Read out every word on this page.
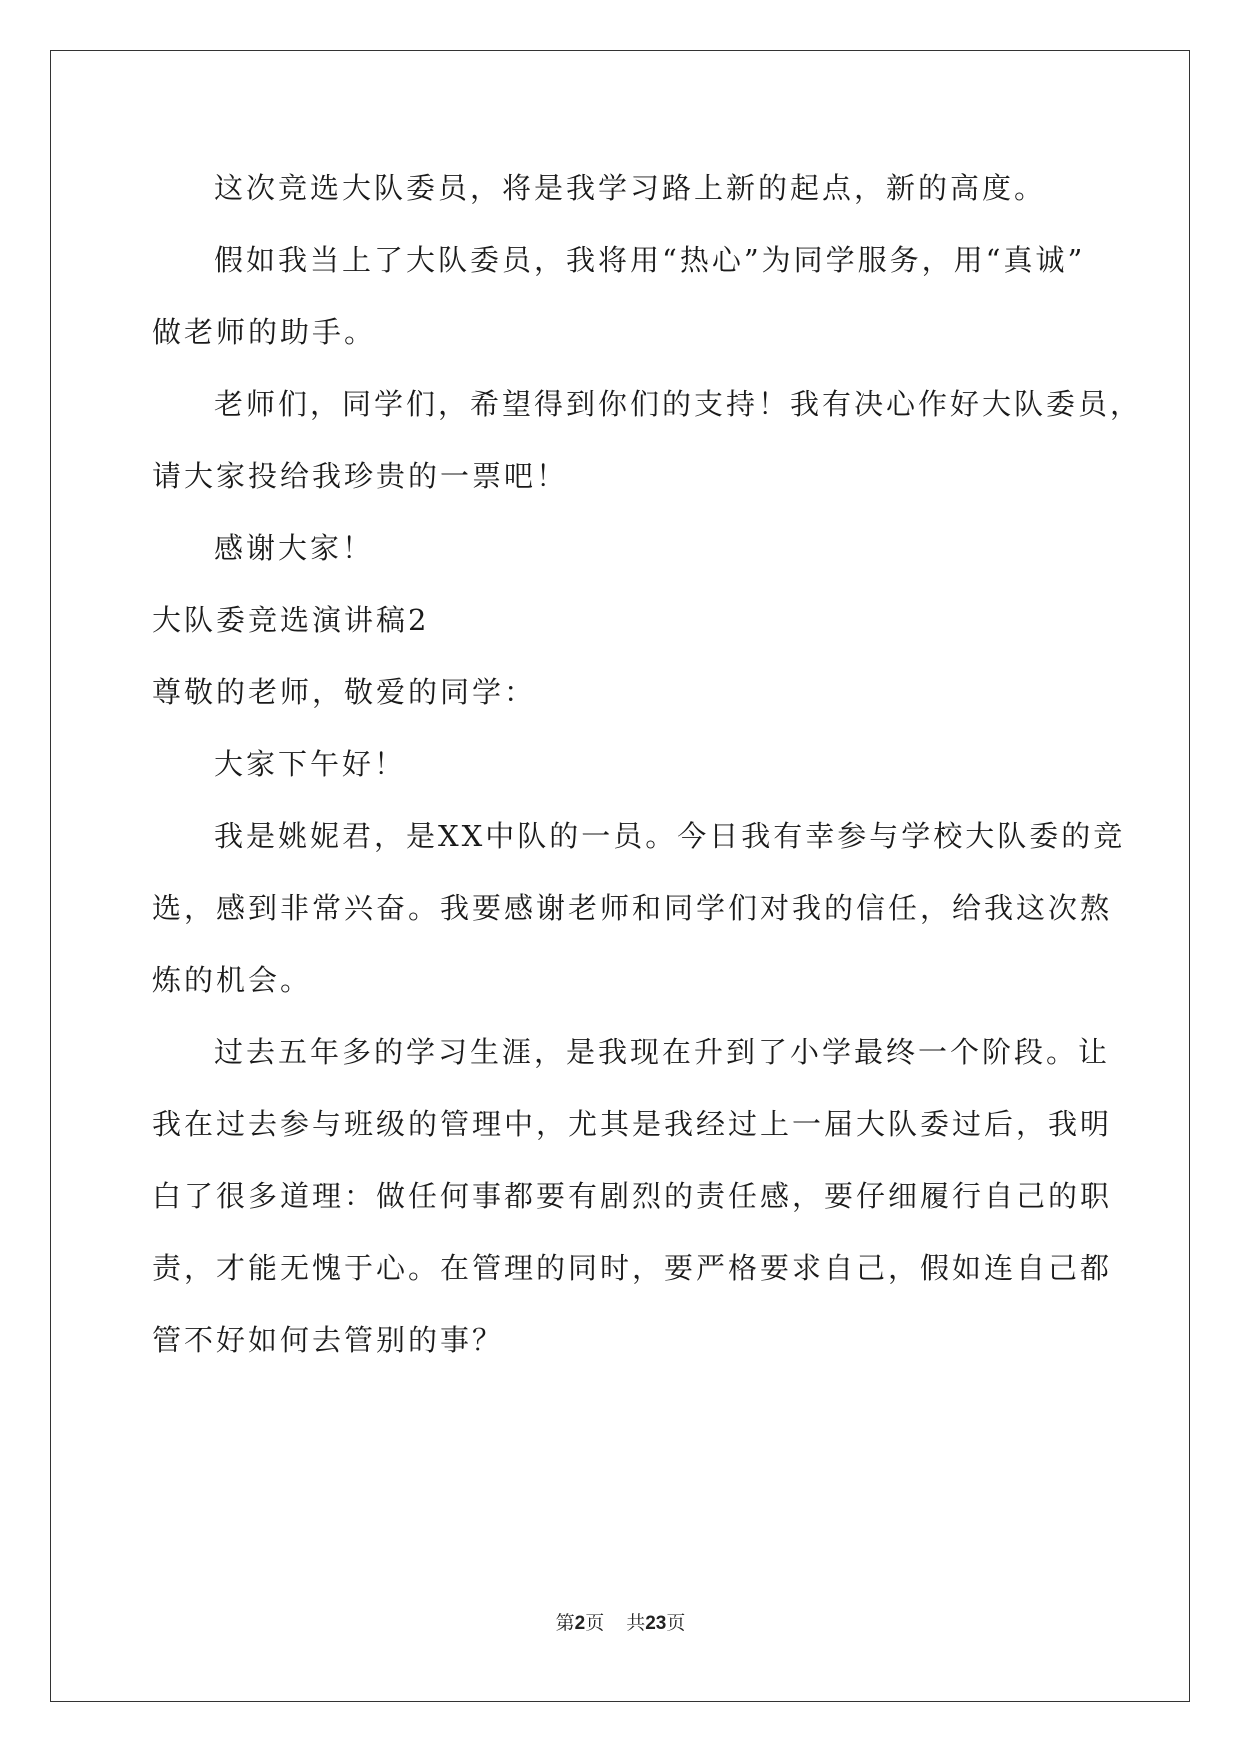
这次竞选大队委员，将是我学习路上新的起点，新的高度。
假如我当上了大队委员，我将用“热心”为同学服务，用“真诚”
做老师的助手。
老师们，同学们，希望得到你们的支持！我有决心作好大队委员，
请大家投给我珍贵的一票吧！
感谢大家！
大队委竞选演讲稿2
尊敬的老师，敬爱的同学：
大家下午好！
我是姚妮君，是XX中队的一员。今日我有幸参与学校大队委的竞
选，感到非常兴奋。我要感谢老师和同学们对我的信任，给我这次熬
炼的机会。
过去五年多的学习生涯，是我现在升到了小学最终一个阶段。让
我在过去参与班级的管理中，尤其是我经过上一届大队委过后，我明
白了很多道理：做任何事都要有剧烈的责任感，要仔细履行自己的职
责，才能无愧于心。在管理的同时，要严格要求自己，假如连自己都
管不好如何去管别的事？
第2页 共23页
